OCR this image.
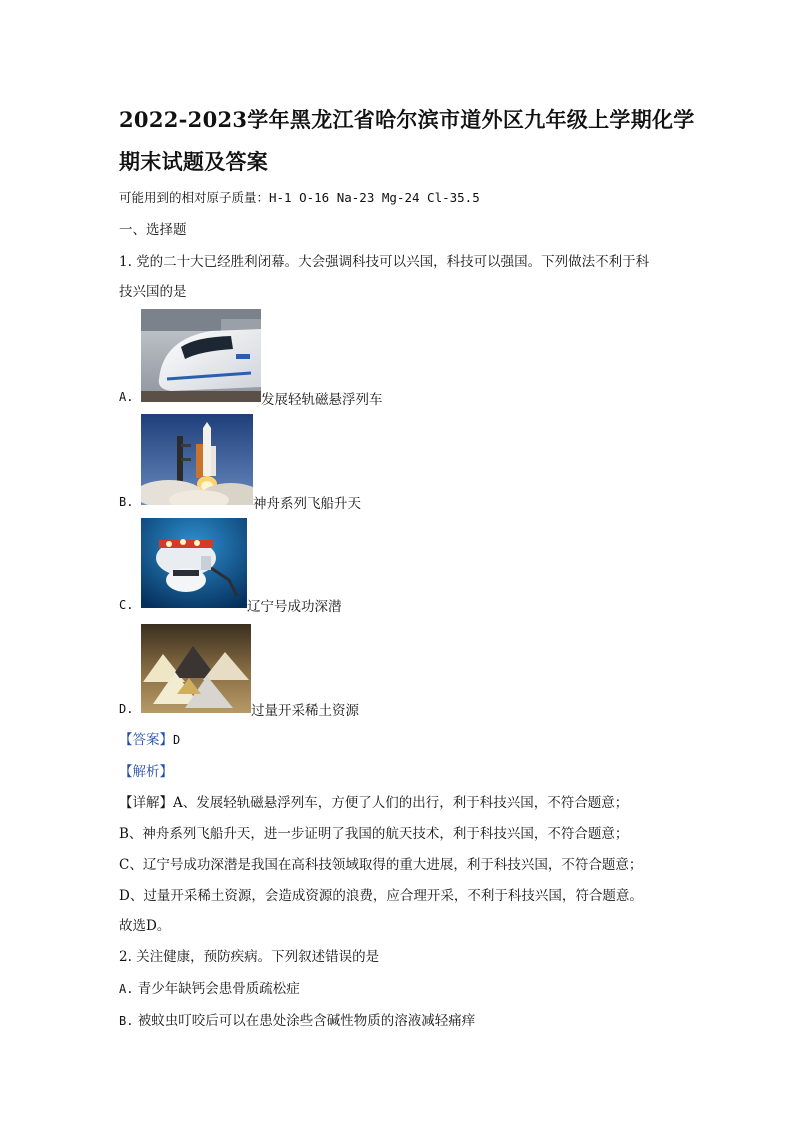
2022-2023学年黑龙江省哈尔滨市道外区九年级上学期化学
期末试题及答案
可能用到的相对原子质量：H-1 O-16 Na-23 Mg-24 Cl-35.5
一、选择题
1. 党的二十大已经胜利闭幕。大会强调科技可以兴国，科技可以强国。下列做法不利于科
技兴国的是
A.	发展轻轨磁悬浮列车
B.	神舟系列飞船升天
C.	辽宁号成功深潜
D.	过量开采稀土资源
【答案】D
【解析】
【详解】A、发展轻轨磁悬浮列车，方便了人们的出行，利于科技兴国，不符合题意；
B、神舟系列飞船升天，进一步证明了我国的航天技术，利于科技兴国，不符合题意；
C、辽宁号成功深潜是我国在高科技领域取得的重大进展，利于科技兴国，不符合题意；
D、过量开采稀土资源，会造成资源的浪费，应合理开采，不利于科技兴国，符合题意。
故选D。
2. 关注健康，预防疾病。下列叙述错误的是
A. 青少年缺钙会患骨质疏松症
B. 被蚊虫叮咬后可以在患处涂些含碱性物质的溶液减轻痛痒
